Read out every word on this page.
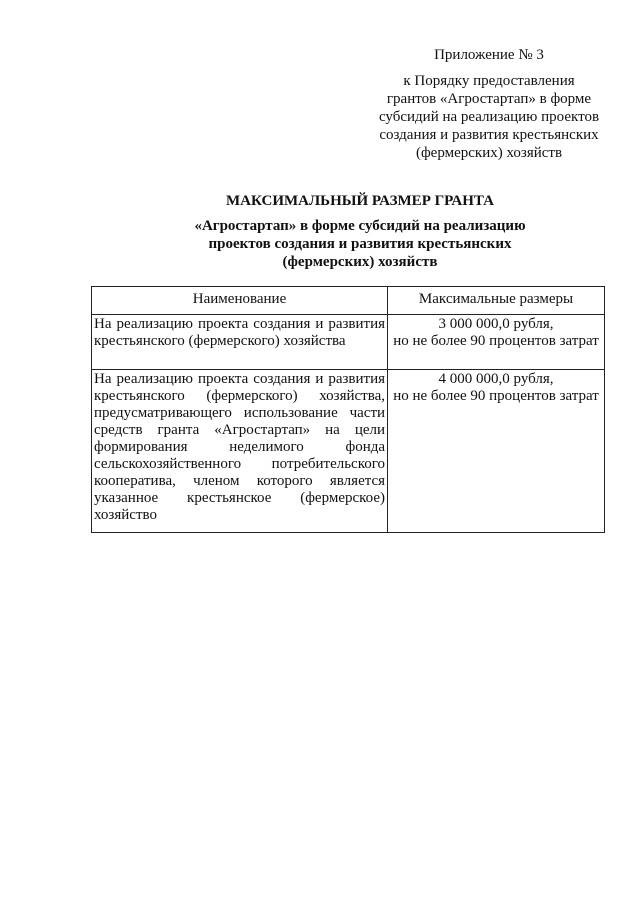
Приложение № 3
к Порядку предоставления
грантов «Агростартап» в форме
субсидий на реализацию проектов
создания и развития крестьянских
(фермерских) хозяйств
МАКСИМАЛЬНЫЙ РАЗМЕР ГРАНТА
«Агростартап» в форме субсидий на реализацию проектов создания и развития крестьянских (фермерских) хозяйств
Наименование	Максимальные размеры
На реализацию проекта создания и развития крестьянского (фермерского) хозяйства	3 000 000,0 рубля,
но не более 90 процентов затрат

На реализацию проекта создания и развития крестьянского (фермерского) хозяйства, предусматривающего использование части средств гранта «Агростартап» на цели формирования неделимого фонда сельскохозяйственного потребительского кооператива, членом которого является указанное крестьянское (фермерское) хозяйство	4 000 000,0 рубля,
но не более 90 процентов затрат
